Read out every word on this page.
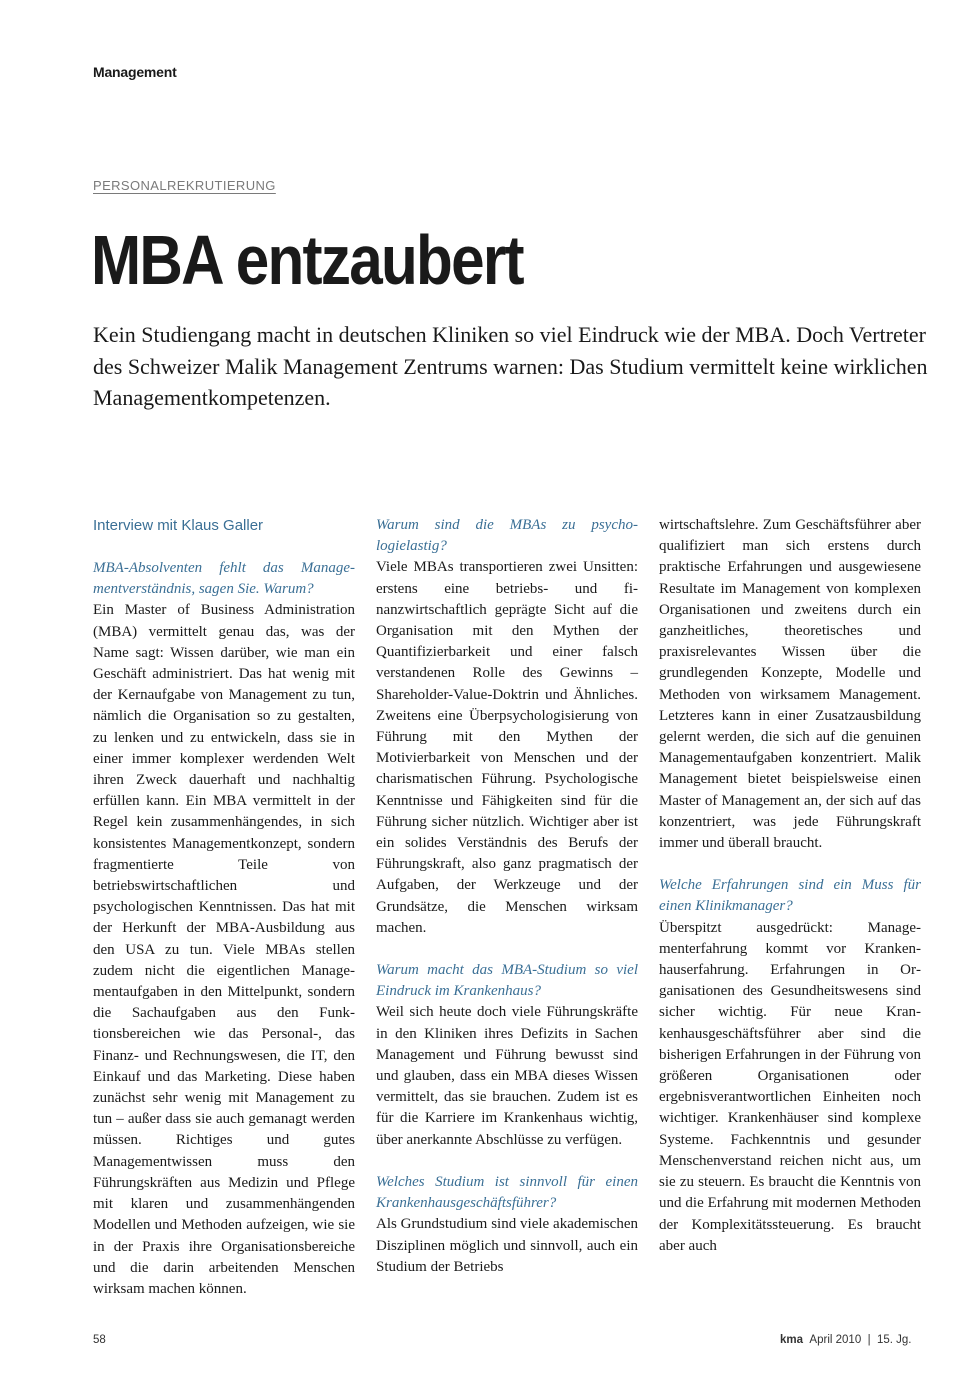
Management
PERSONALREKRUTIERUNG
MBA entzaubert

Kein Studiengang macht in deutschen Kliniken so viel Eindruck wie der MBA. Doch Vertreter des Schweizer Malik Management Zentrums warnen: Das Studium vermittelt keine wirklichen Managementkompetenzen.

Interview mit Klaus Galler

MBA-Absolventen fehlt das Managementverständnis, sagen Sie. Warum?

Ein Master of Business Administration (MBA) vermittelt genau das, was der Name sagt: Wissen darüber, wie man ein Geschäft administriert. Das hat wenig mit der Kernaufgabe von Management zu tun, nämlich die Organisation so zu gestalten, zu lenken und zu entwickeln, dass sie in einer immer komplexer werdenden Welt ihren Zweck dauerhaft und nachhaltig erfüllen kann. Ein MBA vermittelt in der Regel kein zusammenhängendes, in sich konsistentes Managementkonzept, sondern fragmentierte Teile von betriebswirtschaftlichen und psychologischen Kenntnissen. Das hat mit der Herkunft der MBA-Ausbildung aus den USA zu tun. Viele MBAs stellen zudem nicht die eigentlichen Managementaufgaben in den Mittelpunkt, sondern die Sachaufgaben aus den Funktionsbereichen wie das Personal-, das Finanz- und Rechnungswesen, die IT, den Einkauf und das Marketing. Diese haben zunächst sehr wenig mit Management zu tun – außer dass sie auch gemanagt werden müssen. Richtiges und gutes Managementwissen muss den Führungskräften aus Medizin und Pflege mit klaren und zusammenhängenden Modellen und Methoden aufzeigen, wie sie in der Praxis ihre Organisationsbereiche und die darin arbeitenden Menschen wirksam machen können.

Warum sind die MBAs zu psychologielastig?

Viele MBAs transportieren zwei Unsitten: erstens eine betriebs- und finanzwirtschaftlich geprägte Sicht auf die Organisation mit den Mythen der Quantifizierbarkeit und einer falsch verstandenen Rolle des Gewinns – Shareholder-Value-Doktrin und Ähnliches. Zweitens eine Überpsychologisierung von Führung mit den Mythen der Motivierbarkeit von Menschen und der charismatischen Führung. Psychologische Kenntnisse und Fähigkeiten sind für die Führung sicher nützlich. Wichtiger aber ist ein solides Verständnis des Berufs der Führungskraft, also ganz pragmatisch der Aufgaben, der Werkzeuge und der Grundsätze, die Menschen wirksam machen.

Warum macht das MBA-Studium so viel Eindruck im Krankenhaus?

Weil sich heute doch viele Führungskräfte in den Kliniken ihres Defizits in Sachen Management und Führung bewusst sind und glauben, dass ein MBA dieses Wissen vermittelt, das sie brauchen. Zudem ist es für die Karriere im Krankenhaus wichtig, über anerkannte Abschlüsse zu verfügen.

Welches Studium ist sinnvoll für einen Krankenhausgeschäftsführer?

Als Grundstudium sind viele akademischen Disziplinen möglich und sinnvoll, auch ein Studium der Betriebs

wirtschaftslehre. Zum Geschäftsführer aber qualifiziert man sich erstens durch praktische Erfahrungen und ausgewiesene Resultate im Management von komplexen Organisationen und zweitens durch ein ganzheitliches, theoretisches und praxisrelevantes Wissen über die grundlegenden Konzepte, Modelle und Methoden von wirksamem Management. Letzteres kann in einer Zusatzausbildung gelernt werden, die sich auf die genuinen Managementaufgaben konzentriert. Malik Management bietet beispielsweise einen Master of Management an, der sich auf das konzentriert, was jede Führungskraft immer und überall braucht.

Welche Erfahrungen sind ein Muss für einen Klinikmanager?

Überspitzt ausgedrückt: Managementerfahrung kommt vor Krankenhauserfahrung. Erfahrungen in Organisationen des Gesundheitswesens sind sicher wichtig. Für neue Krankenhausgeschäftsführer aber sind die bisherigen Erfahrungen in der Führung von größeren Organisationen oder ergebnisverantwortlichen Einheiten noch wichtiger. Krankenhäuser sind komplexe Systeme. Fachkenntnis und gesunder Menschenverstand reichen nicht aus, um sie zu steuern. Es braucht die Kenntnis von und die Erfahrung mit modernen Methoden der Komplexitätssteuerung. Es braucht aber auch

58	kma  April 2010  |  15. Jg.
